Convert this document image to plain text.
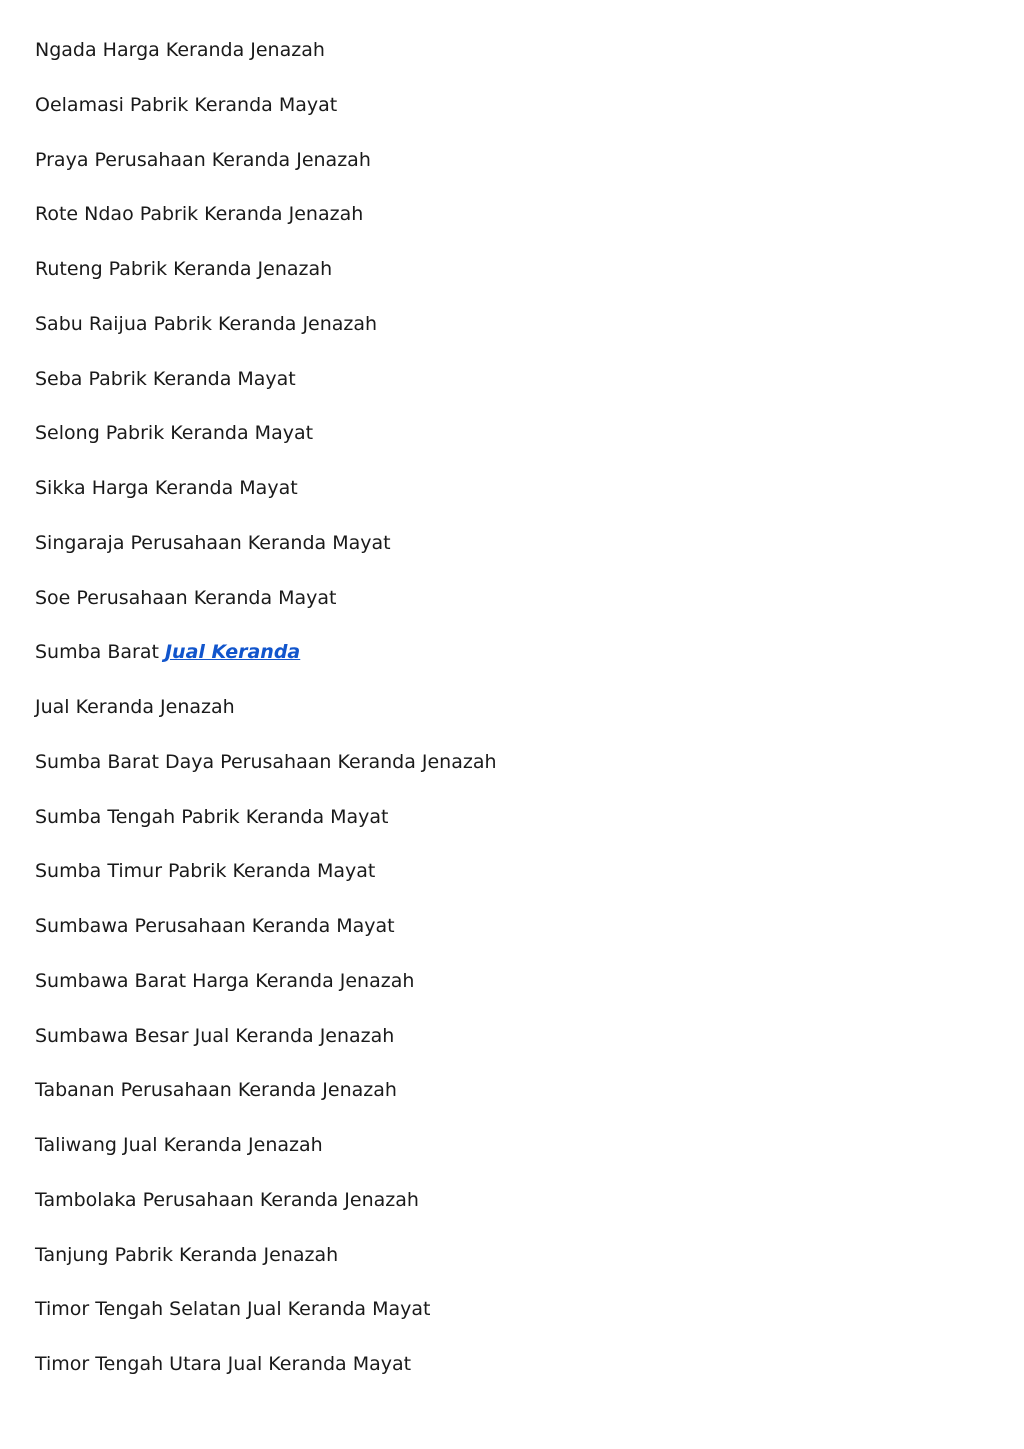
Ngada Harga Keranda Jenazah
Oelamasi Pabrik Keranda Mayat
Praya Perusahaan Keranda Jenazah
Rote Ndao Pabrik Keranda Jenazah
Ruteng Pabrik Keranda Jenazah
Sabu Raijua Pabrik Keranda Jenazah
Seba Pabrik Keranda Mayat
Selong Pabrik Keranda Mayat
Sikka Harga Keranda Mayat
Singaraja Perusahaan Keranda Mayat
Soe Perusahaan Keranda Mayat
Sumba Barat Jual Keranda
Jual Keranda Jenazah
Sumba Barat Daya Perusahaan Keranda Jenazah
Sumba Tengah Pabrik Keranda Mayat
Sumba Timur Pabrik Keranda Mayat
Sumbawa Perusahaan Keranda Mayat
Sumbawa Barat Harga Keranda Jenazah
Sumbawa Besar Jual Keranda Jenazah
Tabanan Perusahaan Keranda Jenazah
Taliwang Jual Keranda Jenazah
Tambolaka Perusahaan Keranda Jenazah
Tanjung Pabrik Keranda Jenazah
Timor Tengah Selatan Jual Keranda Mayat
Timor Tengah Utara Jual Keranda Mayat
